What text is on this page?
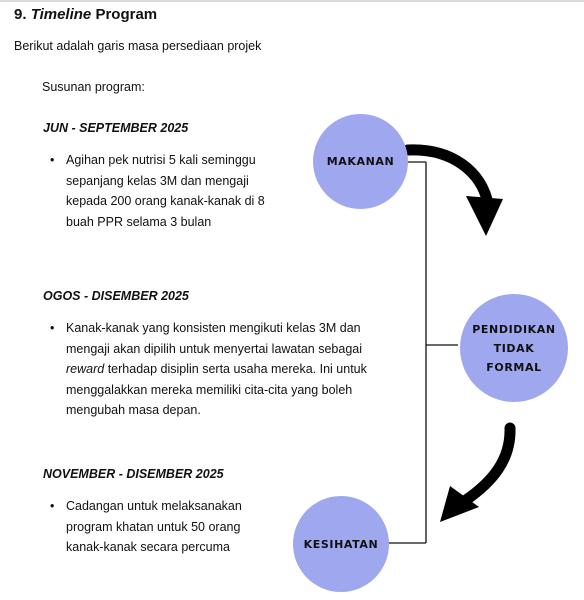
9. Timeline Program
Berikut adalah garis masa persediaan projek
Susunan program:
JUN - SEPTEMBER 2025
• Agihan pek nutrisi 5 kali seminggu
sepanjang kelas 3M dan mengaji
kepada 200 orang kanak-kanak di 8
buah PPR selama 3 bulan
OGOS - DISEMBER 2025
• Kanak-kanak yang konsisten mengikuti kelas 3M dan
mengaji akan dipilih untuk menyertai lawatan sebagai
reward terhadap disiplin serta usaha mereka. Ini untuk
menggalakkan mereka memiliki cita-cita yang boleh
mengubah masa depan.
NOVEMBER - DISEMBER 2025
• Cadangan untuk melaksanakan
program khatan untuk 50 orang
kanak-kanak secara percuma
MAKANAN
PENDIDIKAN
TIDAK
FORMAL
KESIHATAN
